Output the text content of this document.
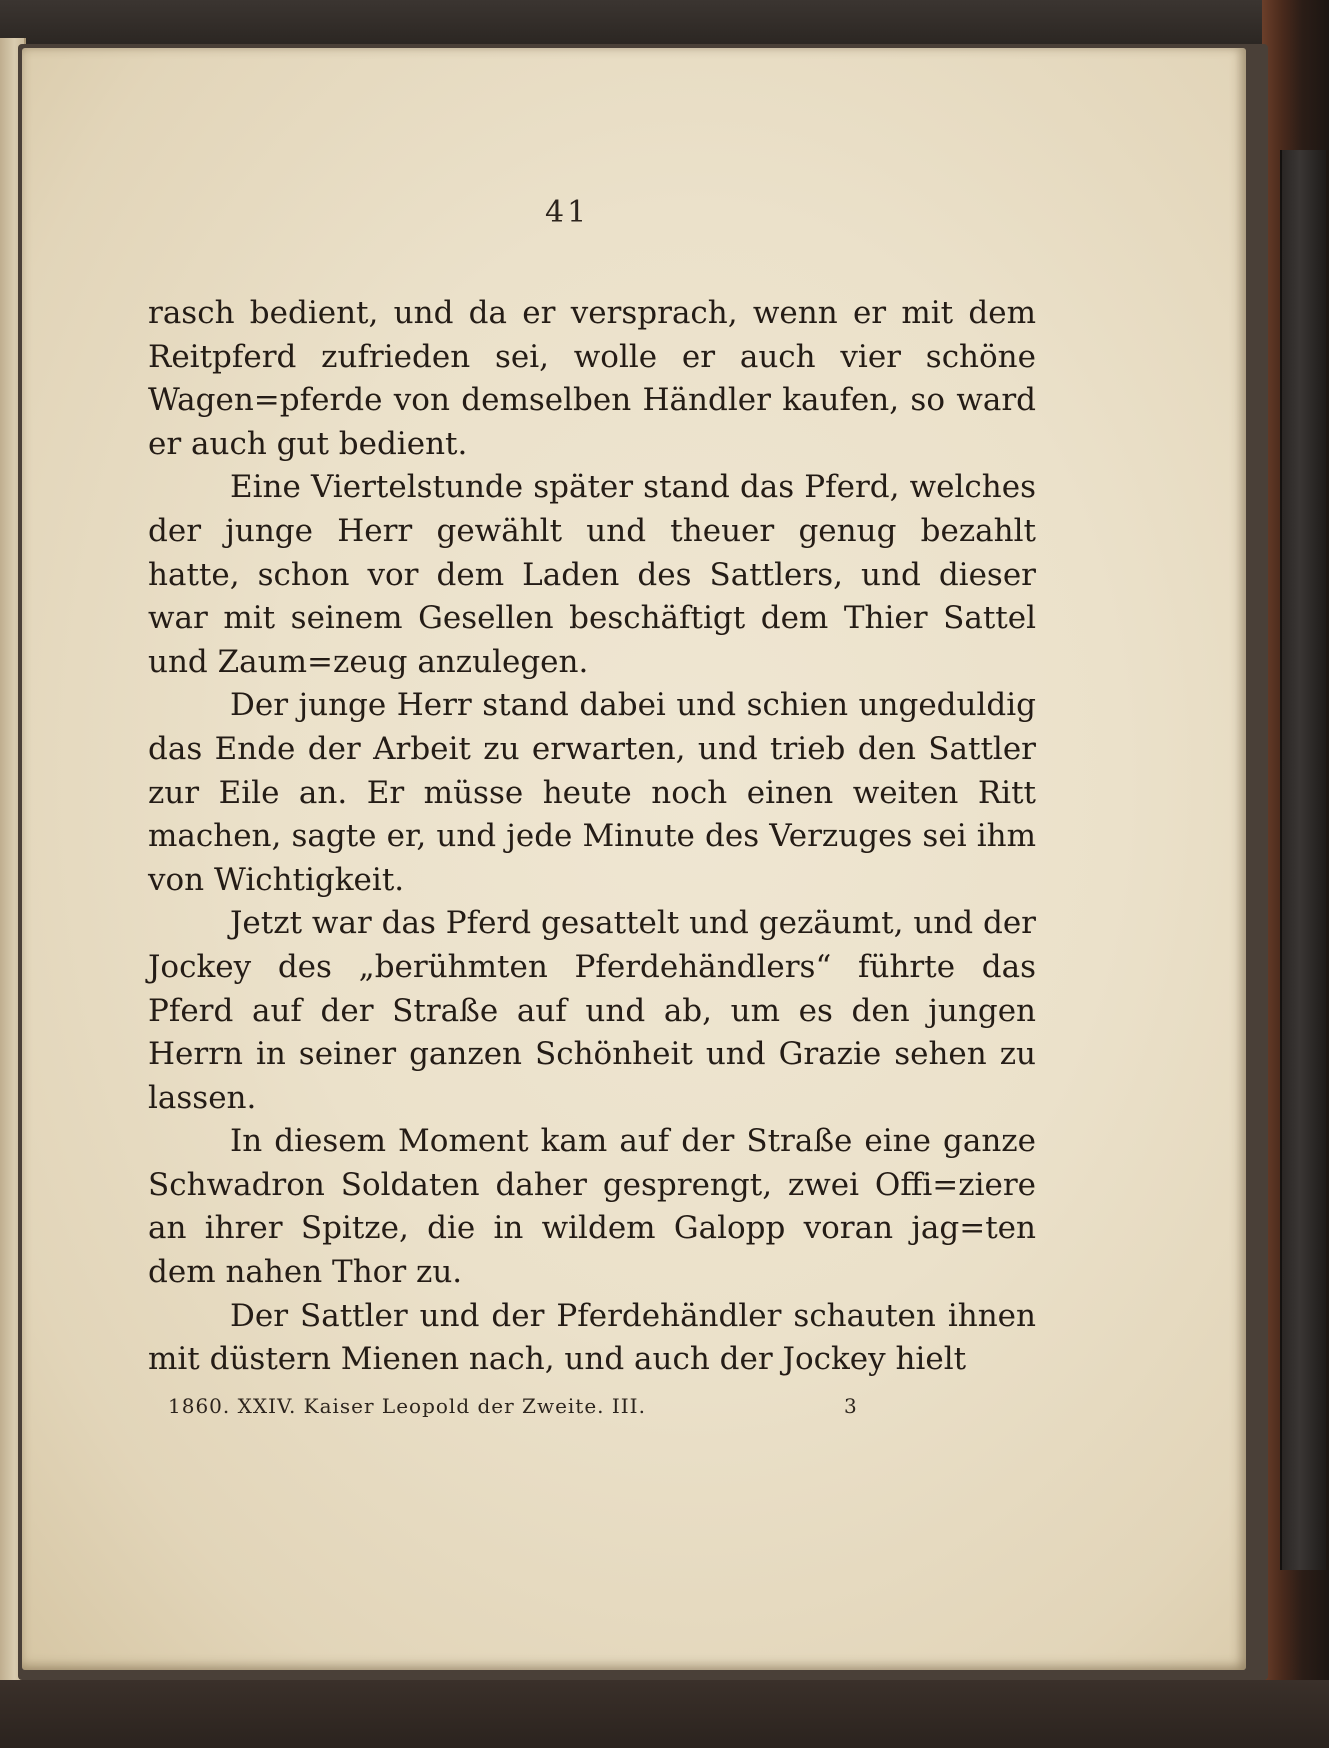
41

rasch bedient, und da er versprach, wenn er mit dem Reitpferd zufrieden sei, wolle er auch vier schöne Wagen=pferde von demselben Händler kaufen, so ward er auch gut bedient.

Eine Viertelstunde später stand das Pferd, welches der junge Herr gewählt und theuer genug bezahlt hatte, schon vor dem Laden des Sattlers, und dieser war mit seinem Gesellen beschäftigt dem Thier Sattel und Zaum=zeug anzulegen.

Der junge Herr stand dabei und schien ungeduldig das Ende der Arbeit zu erwarten, und trieb den Sattler zur Eile an. Er müsse heute noch einen weiten Ritt machen, sagte er, und jede Minute des Verzuges sei ihm von Wichtigkeit.

Jetzt war das Pferd gesattelt und gezäumt, und der Jockey des „berühmten Pferdehändlers“ führte das Pferd auf der Straße auf und ab, um es den jungen Herrn in seiner ganzen Schönheit und Grazie sehen zu lassen.

In diesem Moment kam auf der Straße eine ganze Schwadron Soldaten daher gesprengt, zwei Offi=ziere an ihrer Spitze, die in wildem Galopp voran jag=ten dem nahen Thor zu.

Der Sattler und der Pferdehändler schauten ihnen mit düstern Mienen nach, und auch der Jockey hielt

1860. XXIV. Kaiser Leopold der Zweite. III.	3
